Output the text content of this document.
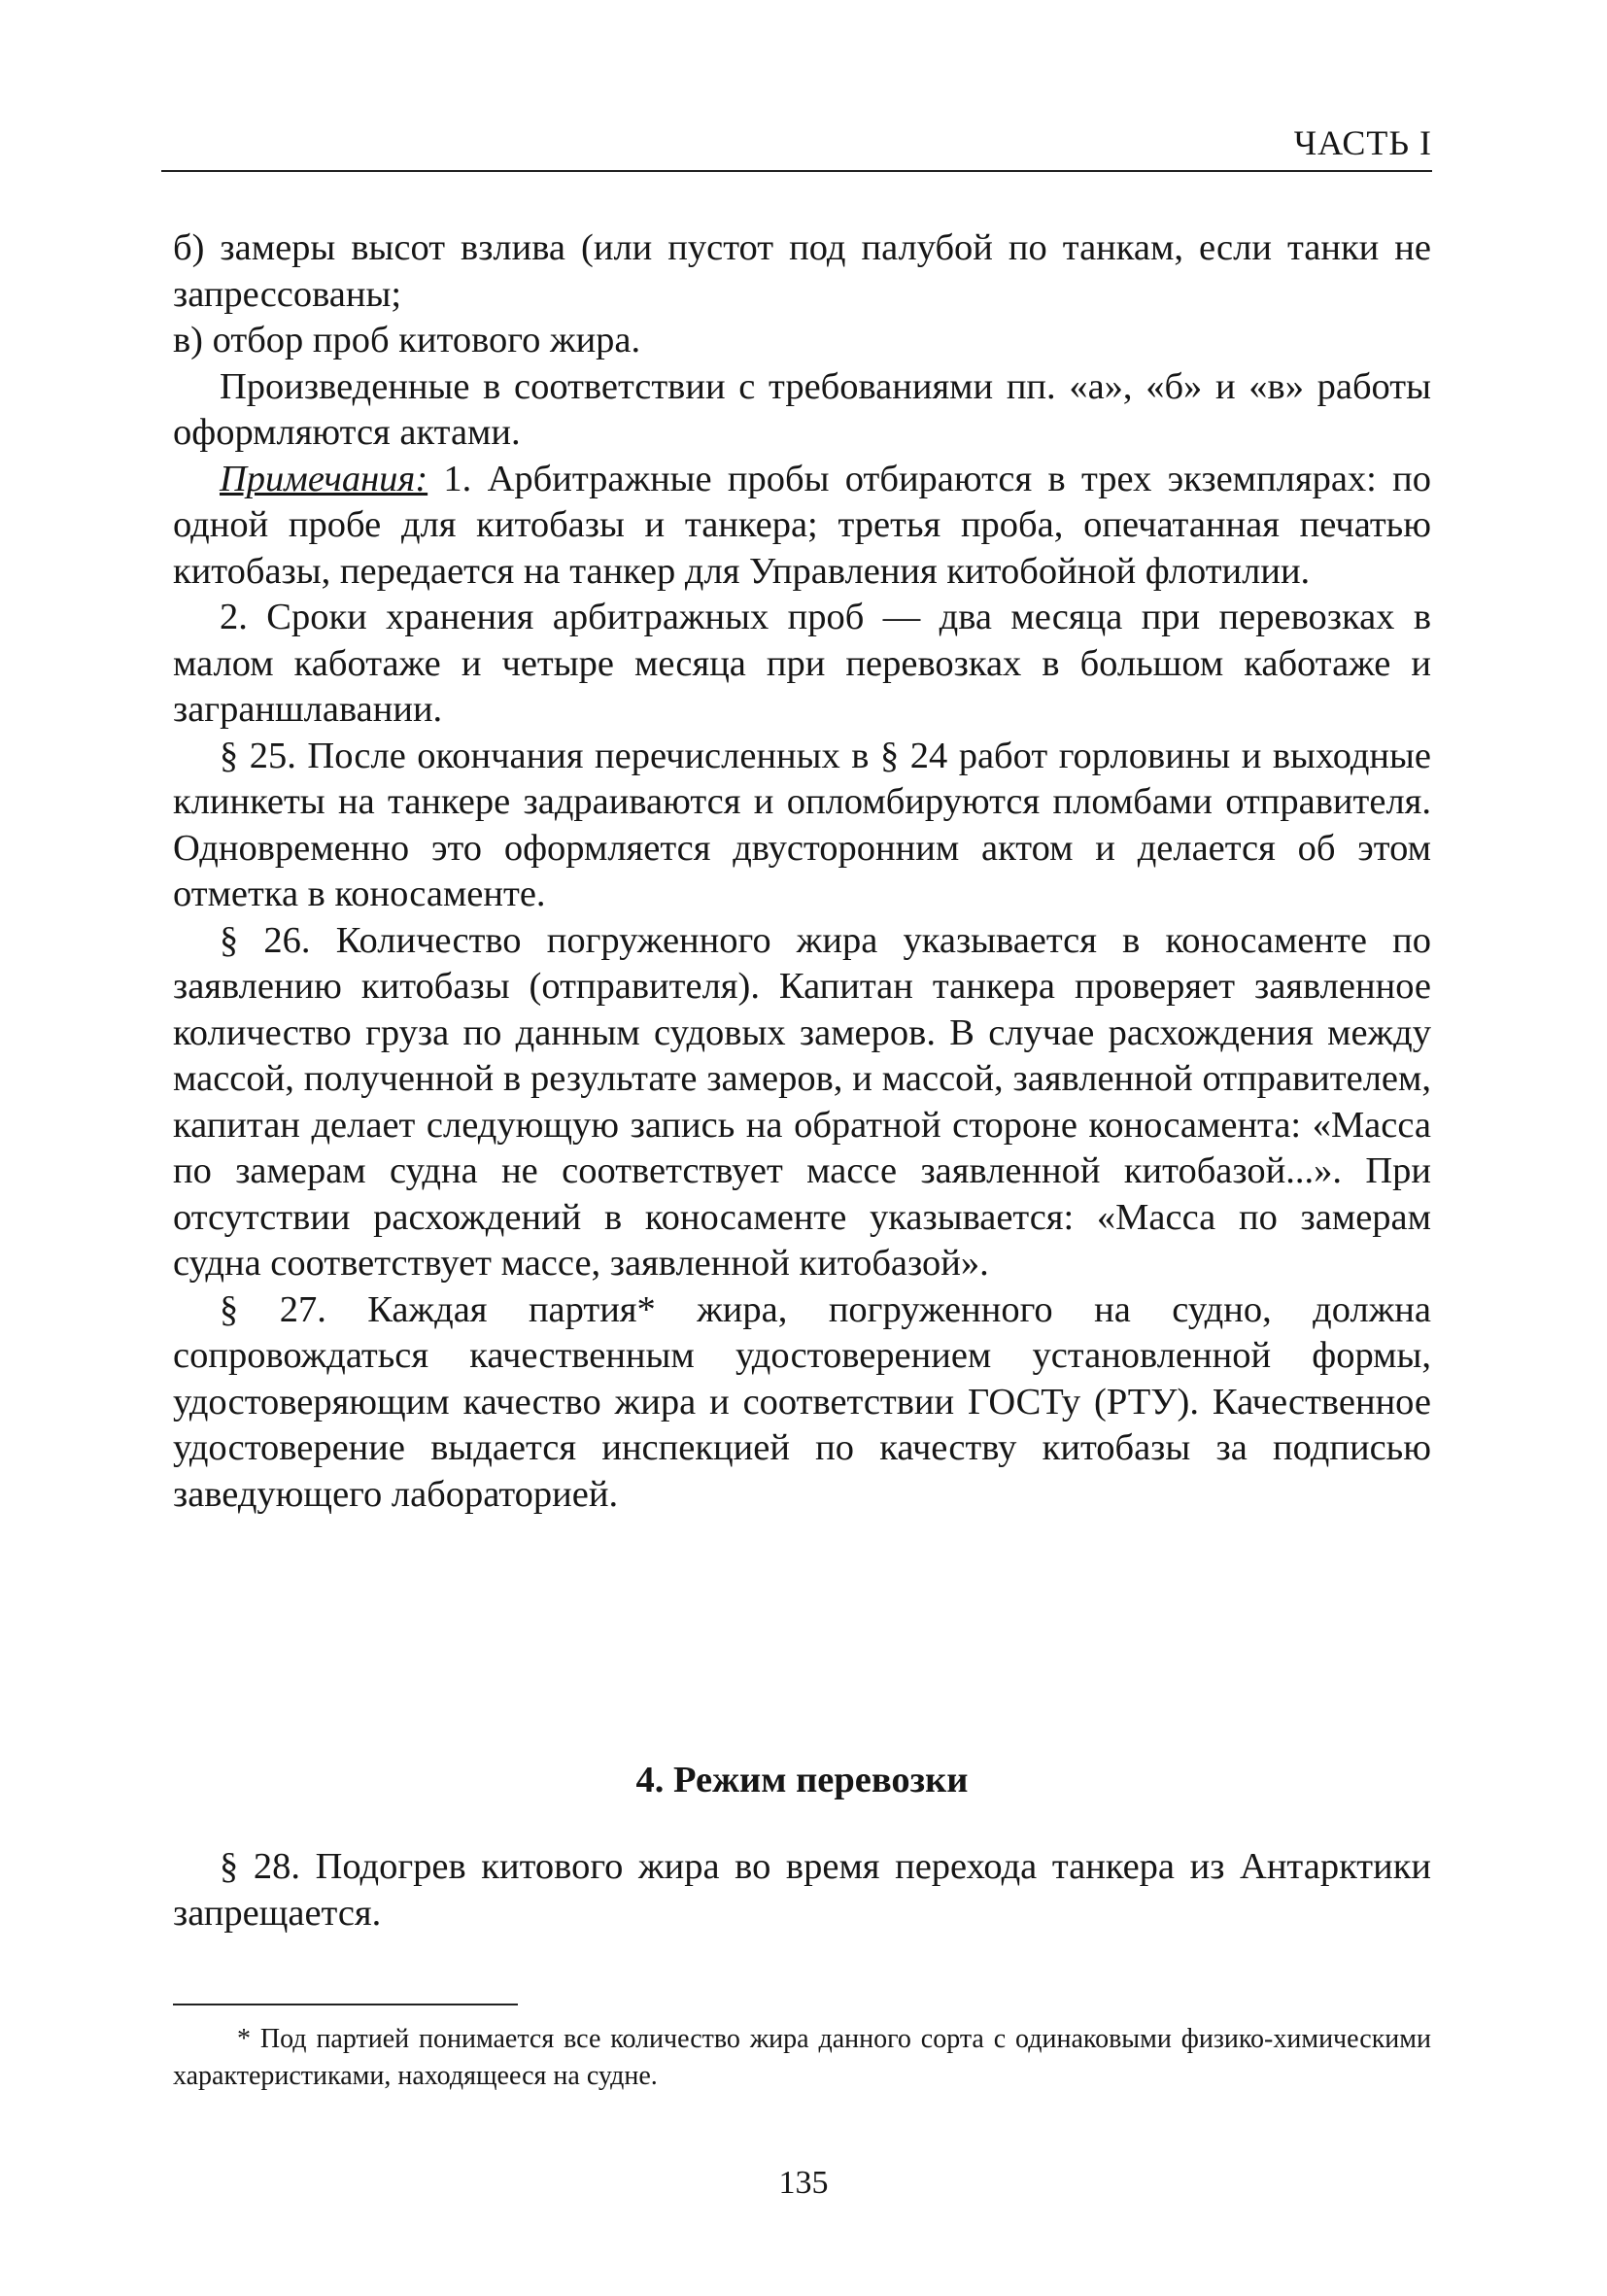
ЧАСТЬ I

б) замеры высот взлива (или пустот под палубой по танкам, если танки не запрессованы;

в) отбор проб китового жира.

Произведенные в соответствии с требованиями пп. «а», «б» и «в» работы оформляются актами.

Примечания: 1. Арбитражные пробы отбираются в трех экземплярах: по одной пробе для китобазы и танкера; третья проба, опечатанная печатью китобазы, передается на танкер для Управления китобойной флотилии.

2. Сроки хранения арбитражных проб — два месяца при перевозках в малом каботаже и четыре месяца при перевозках в большом каботаже и заграншлавании.

§ 25. После окончания перечисленных в § 24 работ горловины и выходные клинкеты на танкере задраиваются и опломбируются пломбами отправителя. Одновременно это оформляется двусторонним актом и делается об этом отметка в коносаменте.

§ 26. Количество погруженного жира указывается в коносаменте по заявлению китобазы (отправителя). Капитан танкера проверяет заявленное количество груза по данным судовых замеров. В случае расхождения между массой, полученной в результате замеров, и массой, заявленной отправителем, капитан делает следующую запись на обратной стороне коносамента: «Масса по замерам судна не соответствует массе заявленной китобазой...». При отсутствии расхождений в коносаменте указывается: «Масса по замерам судна соответствует массе, заявленной китобазой».

§ 27. Каждая партия* жира, погруженного на судно, должна сопровождаться качественным удостоверением установленной формы, удостоверяющим качество жира и соответствии ГОСТу (РТУ). Качественное удостоверение выдается инспекцией по качеству китобазы за подписью заведующего лабораторией.

4. Режим перевозки

§ 28. Подогрев китового жира во время перехода танкера из Антарктики запрещается.

* Под партией понимается все количество жира данного сорта с одинаковыми физико-химическими характеристиками, находящееся на судне.
135
